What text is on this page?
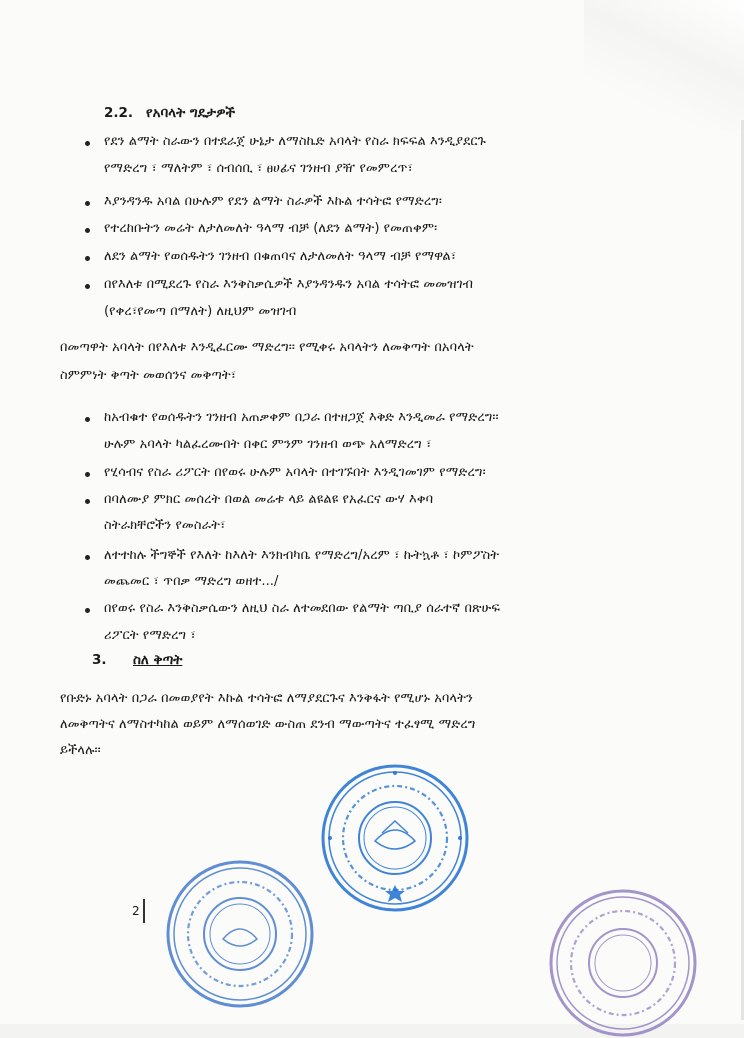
2.2. የአባላት ግዴታዎች
የደን ልማት ስራውን በተደራጀ ሁኔታ ለማስኬድ አባላት የስራ ክፍፍል እንዲያደርጉ
የማድረግ ፣ ማለትም ፣ ሰብሰቢ ፣ ፀሀፊና ገንዘብ ያዥ የመምረጥ፣
እያንዳንዱ አባል በሁሉም የደን ልማት ስራዎች እኩል ተሳትፎ የማድረግ፡
የተረከቡትን መሬት ለታለመለት ዓላማ ብቻ (ለደን ልማት) የመጠቀም፡
ለደን ልማት የወሰዱትን ገንዘብ በቁጠባና ለታለመለት ዓላማ ብቻ የማዋል፣
በየእለቱ በሚደረጉ የስራ እንቅስቃሴዎች እያንዳንዱን አባል ተሳትፎ መመዝገብ
(የቀረ፣የመጣ በማለት) ለዚህም መዝገብ
በመጣዋት አባላት በየእለቱ እንዲፈርሙ ማድረግ፡፡ የሚቀሩ አባላትን ለመቅጣት በአባላት
ስምምነት ቅጣት መወሰንና መቅጣት፣
ከአብቁተ የወሰዱትን ገንዘብ አጠቃቀም በጋራ በተዘጋጀ እቅድ እንዲመራ የማድረግ፡፡
ሁሉም አባላት ካልፈረሙበት በቀር ምንም ገንዘብ ወጭ አለማድረግ ፣
የሂሳብና የስራ ሪፖርት በየወሩ ሁሉም አባላት በተገኙበት እንዲገመገም የማድረግ፡
በባለሙያ ምክር መሰረት በወል መሬቱ ላይ ልዩልዩ የአፈርና ውሃ እቀባ
ስትራክቸሮችን የመስራት፣
ለተተከሉ ችግኞች የእለት ከእለት እንክብካቤ የማድረግ/አረም ፣ ኩትኳቶ ፣ ኮምፖስት
መጨመር ፣ ጥበቃ ማድረግ ወዘተ.../
በየወሩ የስራ እንቅስቃሴውን ለዚህ ስራ ለተመደበው የልማት ጣቢያ ሰራተኛ በጽሁፍ
ሪፖርት የማድረግ ፣
3. ስለ ቅጣት
የቡድኑ አባላት በጋራ በመወያየት እኩል ተሳትፎ ለማያደርጉና እንቅፋት የሚሆኑ አባላትን
ለመቅጣትና ለማስተካከል ወይም ለማሰወገድ ውስጠ ደንብ ማውጣትና ተፈፃሚ ማድረግ
ይችላሉ፡፡
2
